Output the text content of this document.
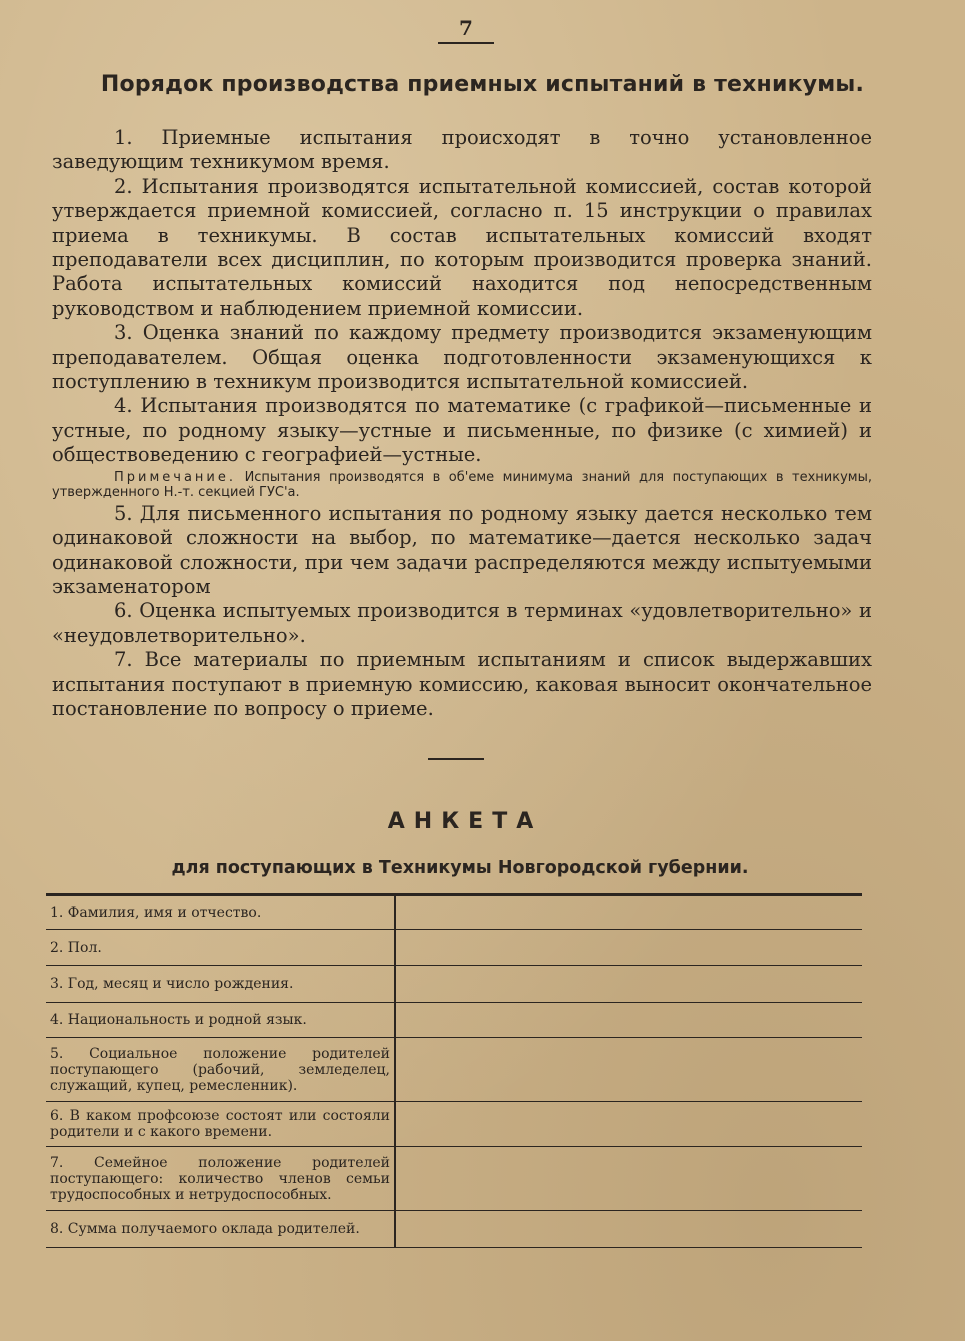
7
Порядок производства приемных испытаний в техникумы.

1. Приемные испытания происходят в точно установленное заведующим техникумом время.

2. Испытания производятся испытательной комиссией, состав которой утверждается приемной комиссией, согласно п. 15 инструкции о правилах приема в техникумы. В состав испытательных комиссий входят преподаватели всех дисциплин, по которым производится проверка знаний. Работа испытательных комиссий находится под непосредственным руководством и наблюдением приемной комиссии.

3. Оценка знаний по каждому предмету производится экзаменующим преподавателем. Общая оценка подготовленности экзаменующихся к поступлению в техникум производится испытательной комиссией.

4. Испытания производятся по математике (с графикой—письменные и устные, по родному языку—устные и письменные, по физике (с химией) и обществоведению с географией—устные.

Примечание. Испытания производятся в об'еме минимума знаний для поступающих в техникумы, утвержденного Н.-т. секцией ГУС'а.

5. Для письменного испытания по родному языку дается несколько тем одинаковой сложности на выбор, по математике—дается несколько задач одинаковой сложности, при чем задачи распределяются между испытуемыми экзаменатором

6. Оценка испытуемых производится в терминах «удовлетворительно» и «неудовлетворительно».

7. Все материалы по приемным испытаниям и список выдержавших испытания поступают в приемную комиссию, каковая выносит окончательное постановление по вопросу о приеме.

АНКЕТА
для поступающих в Техникумы Новгородской губернии.
1. Фамилия, имя и отчество.
2. Пол.
3. Год, месяц и число рождения.
4. Национальность и родной язык.
5. Социальное положение родителей поступающего (рабочий, земледелец, служащий, купец, ремесленник).
6. В каком профсоюзе состоят или состояли родители и с какого времени.
7. Семейное положение родителей поступающего: количество членов семьи трудоспособных и нетрудоспособных.
8. Сумма получаемого оклада родителей.
